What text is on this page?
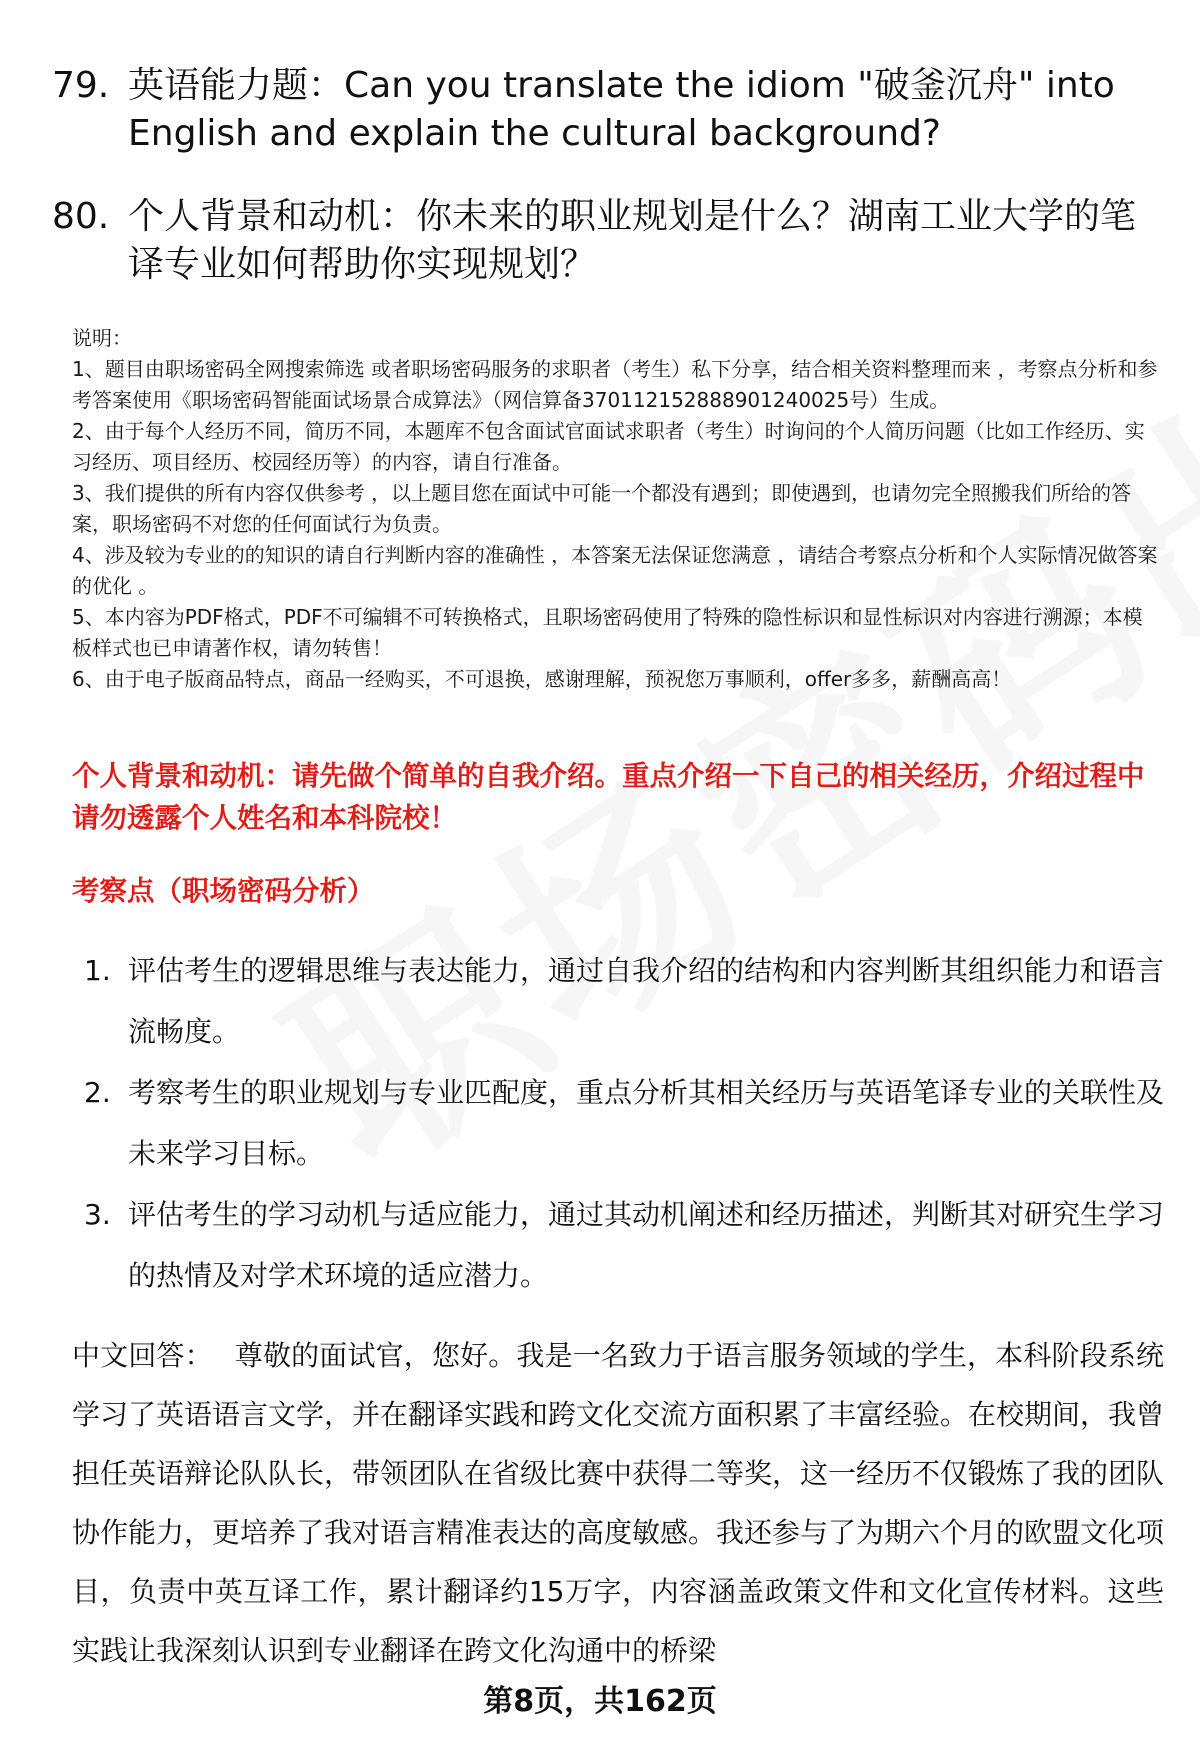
79. 英语能力题：Can you translate the idiom "破釜沉舟" into English and explain the cultural background?
80. 个人背景和动机：你未来的职业规划是什么？湖南工业大学的笔译专业如何帮助你实现规划？

说明：

1、题目由职场密码全网搜索筛选 或者职场密码服务的求职者（考生）私下分享，结合相关资料整理而来 ，考察点分析和参考答案使用《职场密码智能面试场景合成算法》（网信算备370112152888901240025号）生成。

2、由于每个人经历不同，简历不同，本题库不包含面试官面试求职者（考生）时询问的个人简历问题（比如工作经历、实习经历、项目经历、校园经历等）的内容，请自行准备。

3、我们提供的所有内容仅供参考 ，以上题目您在面试中可能一个都没有遇到；即使遇到，也请勿完全照搬我们所给的答案，职场密码不对您的任何面试行为负责。

4、涉及较为专业的的知识的请自行判断内容的准确性 ，本答案无法保证您满意 ，请结合考察点分析和个人实际情况做答案的优化 。

5、本内容为PDF格式，PDF不可编辑不可转换格式，且职场密码使用了特殊的隐性标识和显性标识对内容进行溯源；本模板样式也已申请著作权，请勿转售！

6、由于电子版商品特点，商品一经购买，不可退换，感谢理解，预祝您万事顺利，offer多多，薪酬高高！

个人背景和动机：请先做个简单的自我介绍。重点介绍一下自己的相关经历，介绍过程中请勿透露个人姓名和本科院校！
考察点（职场密码分析）
1. 评估考生的逻辑思维与表达能力，通过自我介绍的结构和内容判断其组织能力和语言流畅度。
2. 考察考生的职业规划与专业匹配度，重点分析其相关经历与英语笔译专业的关联性及未来学习目标。
3. 评估考生的学习动机与适应能力，通过其动机阐述和经历描述，判断其对研究生学习的热情及对学术环境的适应潜力。
中文回答： 尊敬的面试官，您好。我是一名致力于语言服务领域的学生，本科阶段系统学习了英语语言文学，并在翻译实践和跨文化交流方面积累了丰富经验。在校期间，我曾担任英语辩论队队长，带领团队在省级比赛中获得二等奖，这一经历不仅锻炼了我的团队协作能力，更培养了我对语言精准表达的高度敏感。我还参与了为期六个月的欧盟文化项目，负责中英互译工作，累计翻译约15万字，内容涵盖政策文件和文化宣传材料。这些实践让我深刻认识到专业翻译在跨文化沟通中的桥梁
第8页，共162页
